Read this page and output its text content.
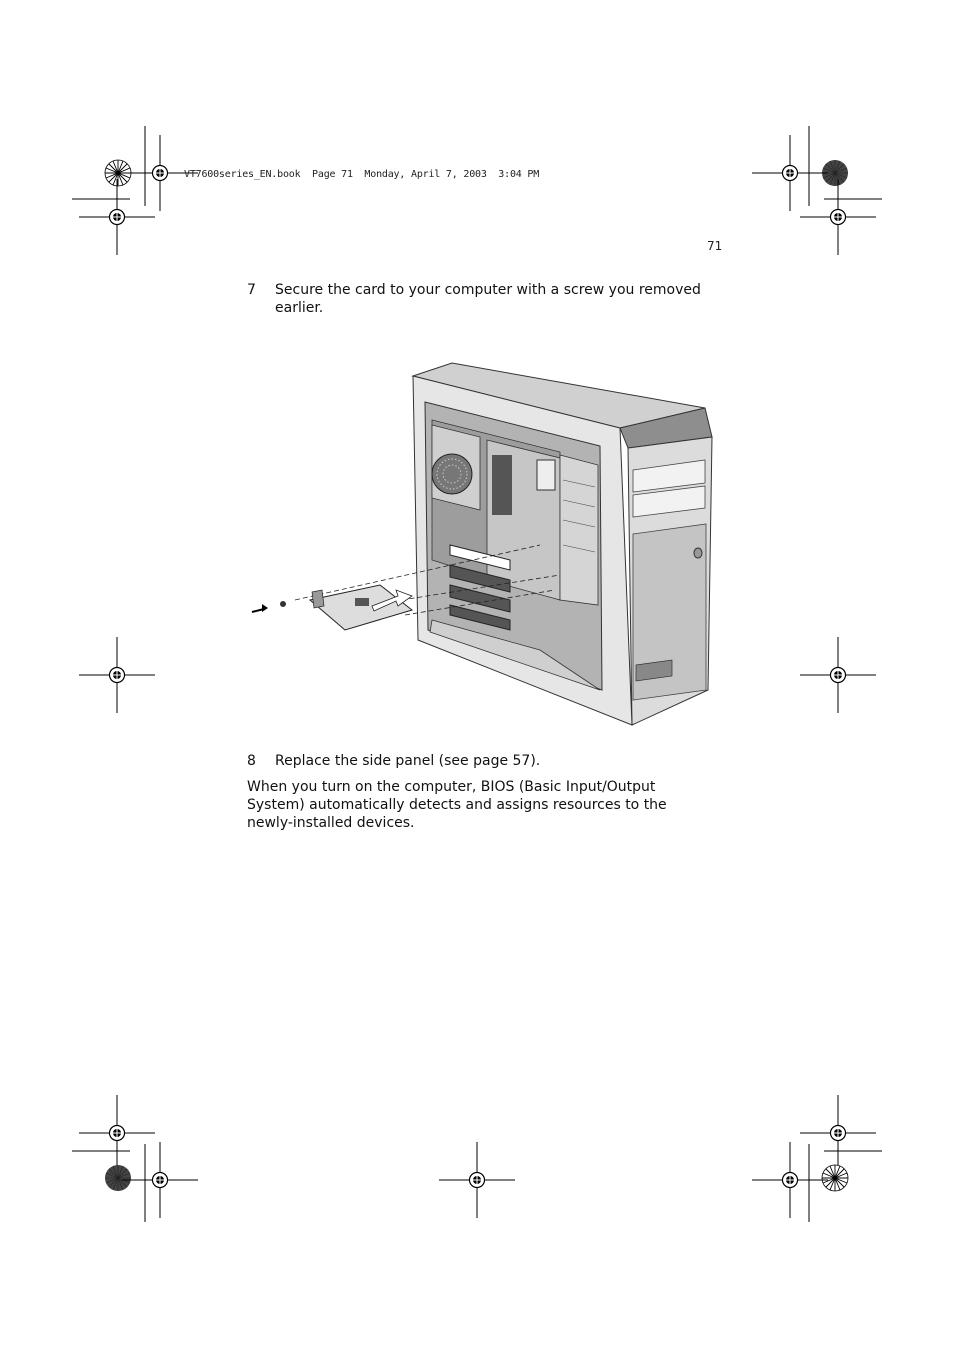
VT7600series_EN.book  Page 71  Monday, April 7, 2003  3:04 PM
71
7 Secure the card to your computer with a screw you removed earlier.
8 Replace the side panel (see page 57).
When you turn on the computer, BIOS (Basic Input/Output System) automatically detects and assigns resources to the newly-installed devices.
